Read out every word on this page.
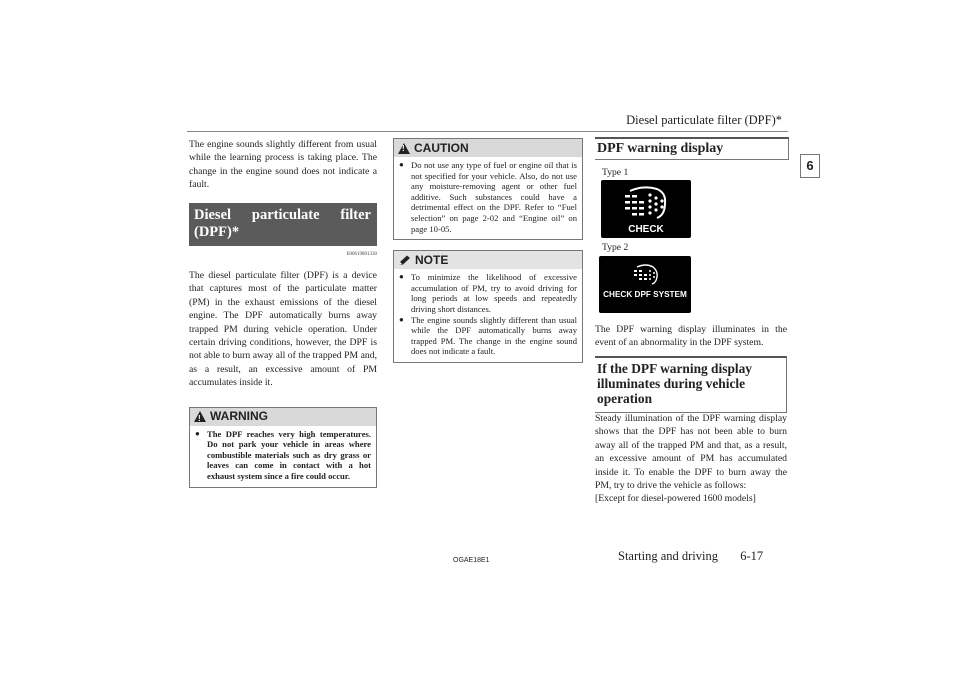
Diesel particulate filter (DPF)*
6
The engine sounds slightly different from usual while the learning process is taking place. The change in the engine sound does not indicate a fault.
Diesel particulate filter (DPF)*
E00619801330
The diesel particulate filter (DPF) is a device that captures most of the particulate matter (PM) in the exhaust emissions of the diesel engine. The DPF automatically burns away trapped PM during vehicle operation. Under certain driving conditions, however, the DPF is not able to burn away all of the trapped PM and, as a result, an excessive amount of PM accumulates inside it.
!
WARNING
● The DPF reaches very high temperatures. Do not park your vehicle in areas where combustible materials such as dry grass or leaves can come in contact with a hot exhaust system since a fire could occur.
!
CAUTION
● Do not use any type of fuel or engine oil that is not specified for your vehicle. Also, do not use any moisture-removing agent or other fuel additive. Such substances could have a detrimental effect on the DPF. Refer to “Fuel selection” on page 2-02 and “Engine oil” on page 10-05.
NOTE
● To minimize the likelihood of excessive accumulation of PM, try to avoid driving for long periods at low speeds and repeatedly driving short distances.
● The engine sounds slightly different than usual while the DPF automatically burns away trapped PM. The change in the engine sound does not indicate a fault.
DPF warning display
Type 1
CHECK
Type 2
CHECK DPF SYSTEM
The DPF warning display illuminates in the event of an abnormality in the DPF system.
If the DPF warning display illuminates during vehicle operation
Steady illumination of the DPF warning display shows that the DPF has not been able to burn away all of the trapped PM and that, as a result, an excessive amount of PM has accumulated inside it. To enable the DPF to burn away the PM, try to drive the vehicle as follows:
[Except for diesel-powered 1600 models]
OGAE18E1	Starting and driving 6-17
